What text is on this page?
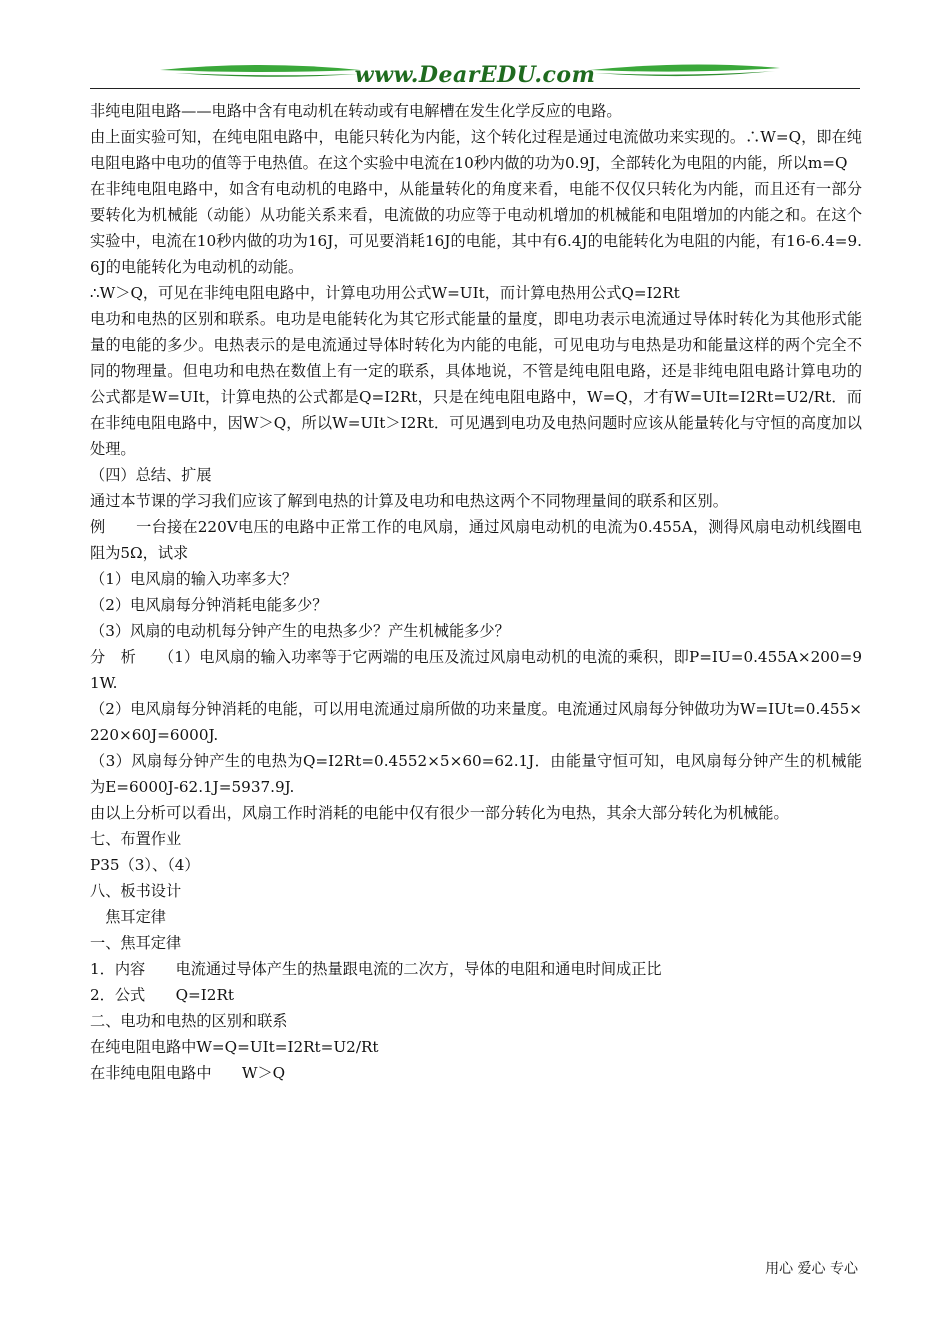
www.DearEDU.com

非纯电阻电路——电路中含有电动机在转动或有电解槽在发生化学反应的电路。

由上面实验可知，在纯电阻电路中，电能只转化为内能，这个转化过程是通过电流做功来实现的。∴W=Q，即在纯电阻电路中电功的值等于电热值。在这个实验中电流在10秒内做的功为0.9J，全部转化为电阻的内能，所以m=Q

在非纯电阻电路中，如含有电动机的电路中，从能量转化的角度来看，电能不仅仅只转化为内能，而且还有一部分要转化为机械能（动能）从功能关系来看，电流做的功应等于电动机增加的机械能和电阻增加的内能之和。在这个实验中，电流在10秒内做的功为16J，可见要消耗16J的电能，其中有6.4J的电能转化为电阻的内能，有16-6.4=9.6J的电能转化为电动机的动能。

∴W＞Q，可见在非纯电阻电路中，计算电功用公式W=UIt，而计算电热用公式Q=I2Rt

电功和电热的区别和联系。电功是电能转化为其它形式能量的量度，即电功表示电流通过导体时转化为其他形式能量的电能的多少。电热表示的是电流通过导体时转化为内能的电能，可见电功与电热是功和能量这样的两个完全不同的物理量。但电功和电热在数值上有一定的联系，具体地说，不管是纯电阻电路，还是非纯电阻电路计算电功的公式都是W=UIt，计算电热的公式都是Q=I2Rt，只是在纯电阻电路中，W=Q，才有W=UIt=I2Rt=U2/Rt．而在非纯电阻电路中，因W＞Q，所以W=UIt＞I2Rt．可见遇到电功及电热问题时应该从能量转化与守恒的高度加以处理。

（四）总结、扩展

通过本节课的学习我们应该了解到电热的计算及电功和电热这两个不同物理量间的联系和区别。

例　　一台接在220V电压的电路中正常工作的电风扇，通过风扇电动机的电流为0.455A，测得风扇电动机线圈电阻为5Ω，试求

（1）电风扇的输入功率多大？

（2）电风扇每分钟消耗电能多少？

（3）风扇的电动机每分钟产生的电热多少？产生机械能多少？

分　析　　（1）电风扇的输入功率等于它两端的电压及流过风扇电动机的电流的乘积，即P=IU=0.455A×200=91W.

（2）电风扇每分钟消耗的电能，可以用电流通过扇所做的功来量度。电流通过风扇每分钟做功为W=IUt=0.455×220×60J=6000J.

（3）风扇每分钟产生的电热为Q=I2Rt=0.4552×5×60=62.1J．由能量守恒可知，电风扇每分钟产生的机械能为E=6000J-62.1J=5937.9J.

由以上分析可以看出，风扇工作时消耗的电能中仅有很少一部分转化为电热，其余大部分转化为机械能。

七、布置作业

P35（3）、（4）

八、板书设计

　焦耳定律

一、焦耳定律

1．内容　　电流通过导体产生的热量跟电流的二次方，导体的电阻和通电时间成正比

2．公式　　Q=I2Rt

二、电功和电热的区别和联系

在纯电阻电路中W=Q=UIt=I2Rt=U2/Rt

在非纯电阻电路中　　W＞Q

用心 爱心 专心
